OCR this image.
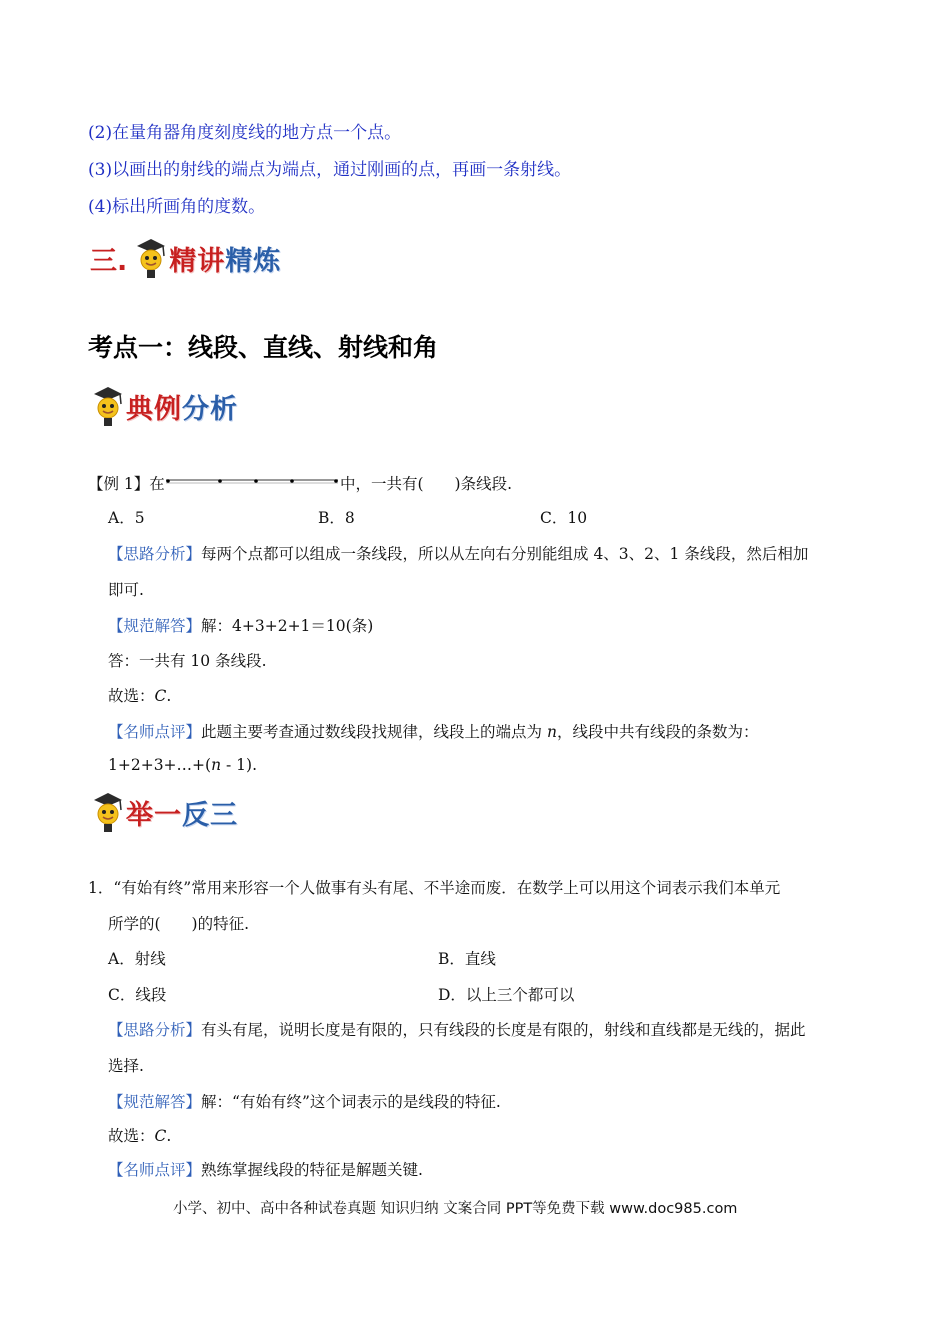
(2)在量角器角度刻度线的地方点一个点。
(3)以画出的射线的端点为端点，通过刚画的点，再画一条射线。
(4)标出所画角的度数。
三. 精讲精炼
考点一：线段、直线、射线和角
典例分析
【例 1】在	中，一共有(　　)条线段.
A．5	B．8	C．10
【思路分析】每两个点都可以组成一条线段，所以从左向右分别能组成 4、3、2、1 条线段，然后相加
即可.
【规范解答】解：4+3+2+1＝10(条)
答：一共有 10 条线段.
故选：C.
【名师点评】此题主要考查通过数线段找规律，线段上的端点为 n，线段中共有线段的条数为：
1+2+3+…+(n - 1).
举一反三
1．“有始有终”常用来形容一个人做事有头有尾、不半途而废．在数学上可以用这个词表示我们本单元
所学的(　　)的特征.
A．射线	B．直线
C．线段	D．以上三个都可以
【思路分析】有头有尾，说明长度是有限的，只有线段的长度是有限的，射线和直线都是无线的，据此
选择.
【规范解答】解：“有始有终”这个词表示的是线段的特征.
故选：C.
【名师点评】熟练掌握线段的特征是解题关键.
小学、初中、高中各种试卷真题 知识归纳 文案合同 PPT等免费下载 www.doc985.com
